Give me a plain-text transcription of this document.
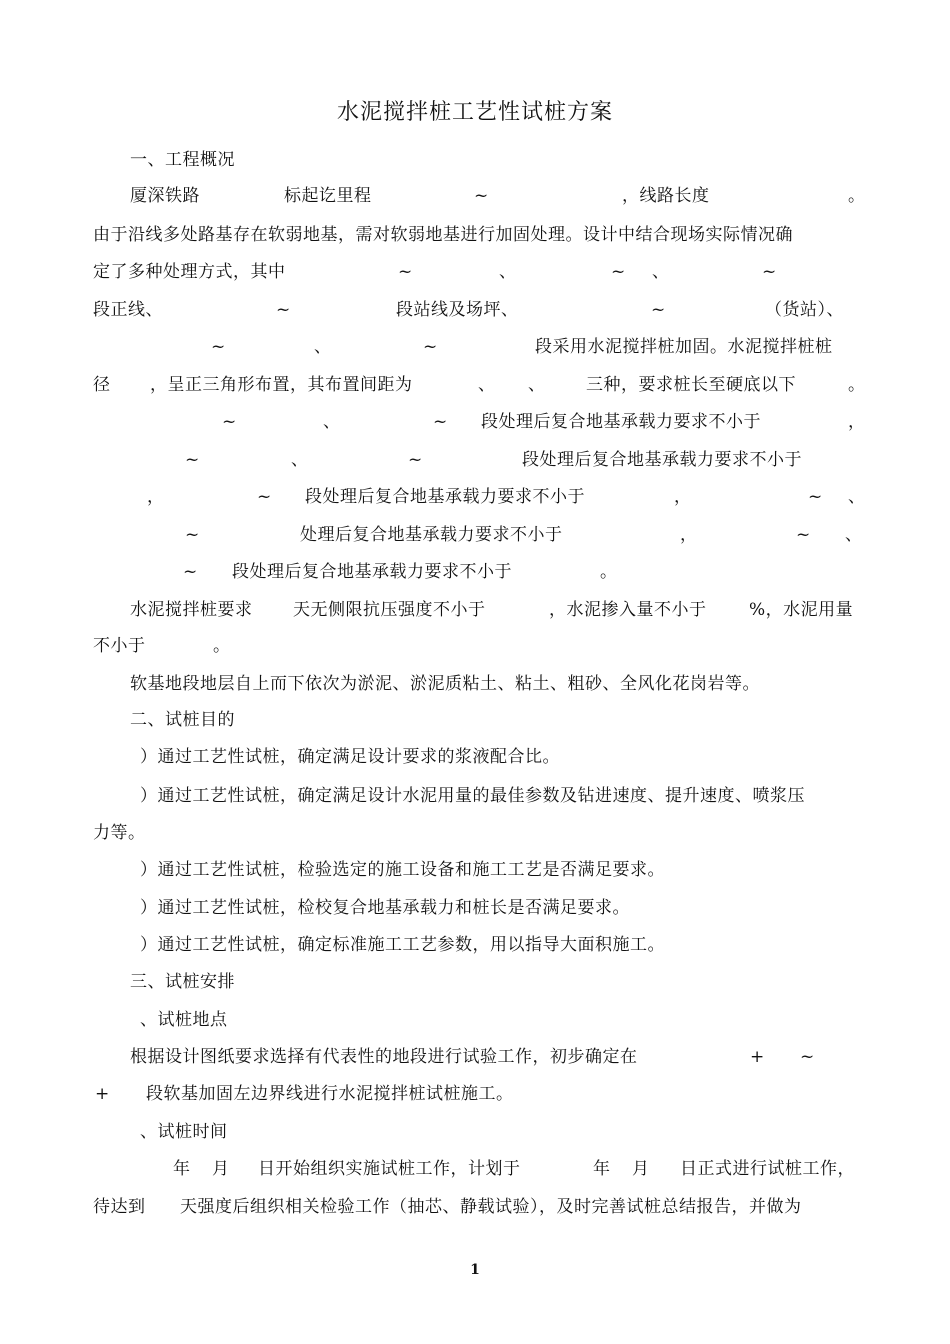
水泥搅拌桩工艺性试桩方案
一、工程概况
厦深铁路	标起讫里程	~	，线路长度	。
由于沿线多处路基存在软弱地基，需对软弱地基进行加固处理。设计中结合现场实际情况确
定了多种处理方式，其中	~	、	~ 、	~
段正线、	~	段站线及场坪、	~	（货站）、
~	、	~	段采用水泥搅拌桩加固。水泥搅拌桩桩
径 ，呈正三角形布置，其布置间距为	、 、 三种，要求桩长至硬底以下	。
~	、	~ 段处理后复合地基承载力要求不小于	，
~	、	~	段处理后复合地基承载力要求不小于
，	~ 段处理后复合地基承载力要求不小于	，	~ 、
~	处理后复合地基承载力要求不小于	，	~ 、
~ 段处理后复合地基承载力要求不小于	。
水泥搅拌桩要求 天无侧限抗压强度不小于	，水泥掺入量不小于	%，水泥用量
不小于	。
软基地段地层自上而下依次为淤泥、淤泥质粘土、粘土、粗砂、全风化花岗岩等。
二、试桩目的
）通过工艺性试桩，确定满足设计要求的浆液配合比。
）通过工艺性试桩，确定满足设计水泥用量的最佳参数及钻进速度、提升速度、喷浆压
力等。
）通过工艺性试桩，检验选定的施工设备和施工工艺是否满足要求。
）通过工艺性试桩，检校复合地基承载力和桩长是否满足要求。
）通过工艺性试桩，确定标准施工工艺参数，用以指导大面积施工。
三、试桩安排
、试桩地点
根据设计图纸要求选择有代表性的地段进行试验工作，初步确定在	+ ~
+ 段软基加固左边界线进行水泥搅拌桩试桩施工。
、试桩时间
年 月 日开始组织实施试桩工作，计划于	年 月 日正式进行试桩工作，
待达到 天强度后组织相关检验工作（抽芯、静载试验），及时完善试桩总结报告，并做为
1
